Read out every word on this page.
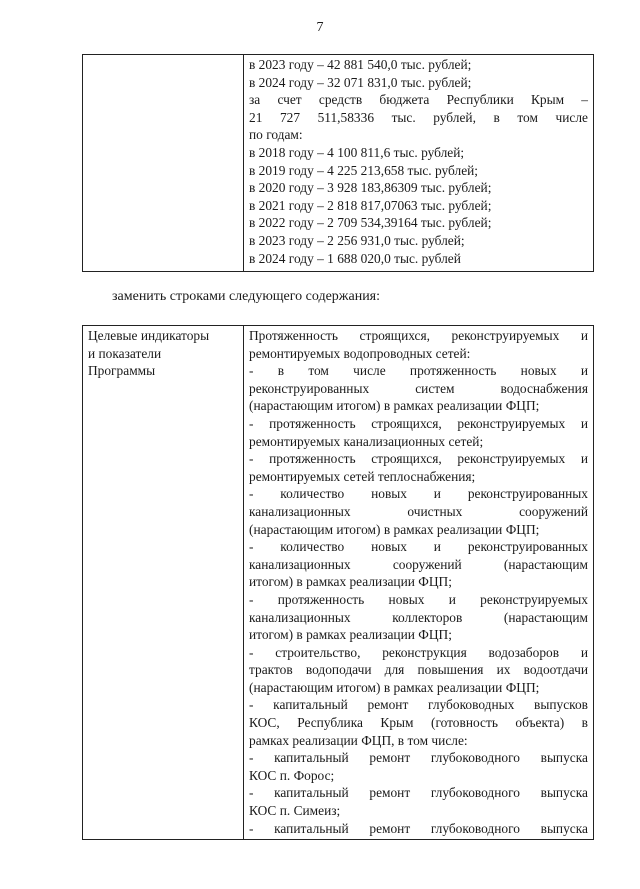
7

в 2023 году – 42 881 540,0 тыс. рублей;
в 2024 году – 32 071 831,0 тыс. рублей;
за счет средств бюджета Республики Крым –
21 727 511,58336 тыс. рублей, в том числе
по годам:
в 2018 году – 4 100 811,6 тыс. рублей;
в 2019 году – 4 225 213,658 тыс. рублей;
в 2020 году – 3 928 183,86309 тыс. рублей;
в 2021 году – 2 818 817,07063 тыс. рублей;
в 2022 году – 2 709 534,39164 тыс. рублей;
в 2023 году – 2 256 931,0 тыс. рублей;
в 2024 году – 1 688 020,0 тыс. рублей
заменить строками следующего содержания:
Целевые индикаторы
и показатели
Программы

Протяженность строящихся, реконструируемых и
ремонтируемых водопроводных сетей:
- в том числе протяженность новых и
реконструированных систем водоснабжения
(нарастающим итогом) в рамках реализации ФЦП;
- протяженность строящихся, реконструируемых и
ремонтируемых канализационных сетей;
- протяженность строящихся, реконструируемых и
ремонтируемых сетей теплоснабжения;
- количество новых и реконструированных
канализационных очистных сооружений
(нарастающим итогом) в рамках реализации ФЦП;
- количество новых и реконструированных
канализационных сооружений (нарастающим
итогом) в рамках реализации ФЦП;
- протяженность новых и реконструируемых
канализационных коллекторов (нарастающим
итогом) в рамках реализации ФЦП;
- строительство, реконструкция водозаборов и
трактов водоподачи для повышения их водоотдачи
(нарастающим итогом) в рамках реализации ФЦП;
- капитальный ремонт глубоководных выпусков
КОС, Республика Крым (готовность объекта) в
рамках реализации ФЦП, в том числе:
- капитальный ремонт глубоководного выпуска
КОС п. Форос;
- капитальный ремонт глубоководного выпуска
КОС п. Симеиз;
- капитальный ремонт глубоководного выпуска
